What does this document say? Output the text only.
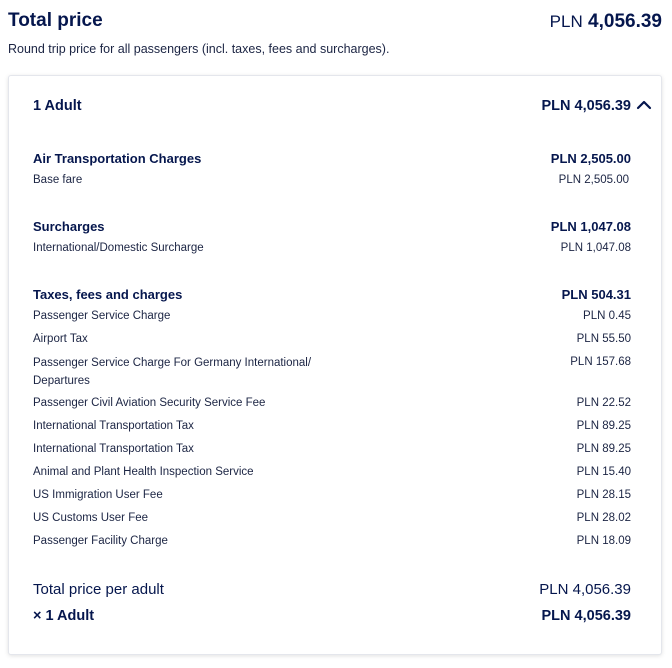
Total price	PLN 4,056.39
Round trip price for all passengers (incl. taxes, fees and surcharges).
1 Adult	PLN 4,056.39
Air Transportation Charges	PLN 2,505.00
Base fare	PLN 2,505.00
Surcharges	PLN 1,047.08
International/Domestic Surcharge	PLN 1,047.08
Taxes, fees and charges	PLN 504.31
Passenger Service Charge	PLN 0.45
Airport Tax	PLN 55.50
Passenger Service Charge For Germany International/ Departures
PLN 157.68
Passenger Civil Aviation Security Service Fee	PLN 22.52
International Transportation Tax	PLN 89.25
International Transportation Tax	PLN 89.25
Animal and Plant Health Inspection Service	PLN 15.40
US Immigration User Fee	PLN 28.15
US Customs User Fee	PLN 28.02
Passenger Facility Charge	PLN 18.09
Total price per adult	PLN 4,056.39
× 1 Adult	PLN 4,056.39
